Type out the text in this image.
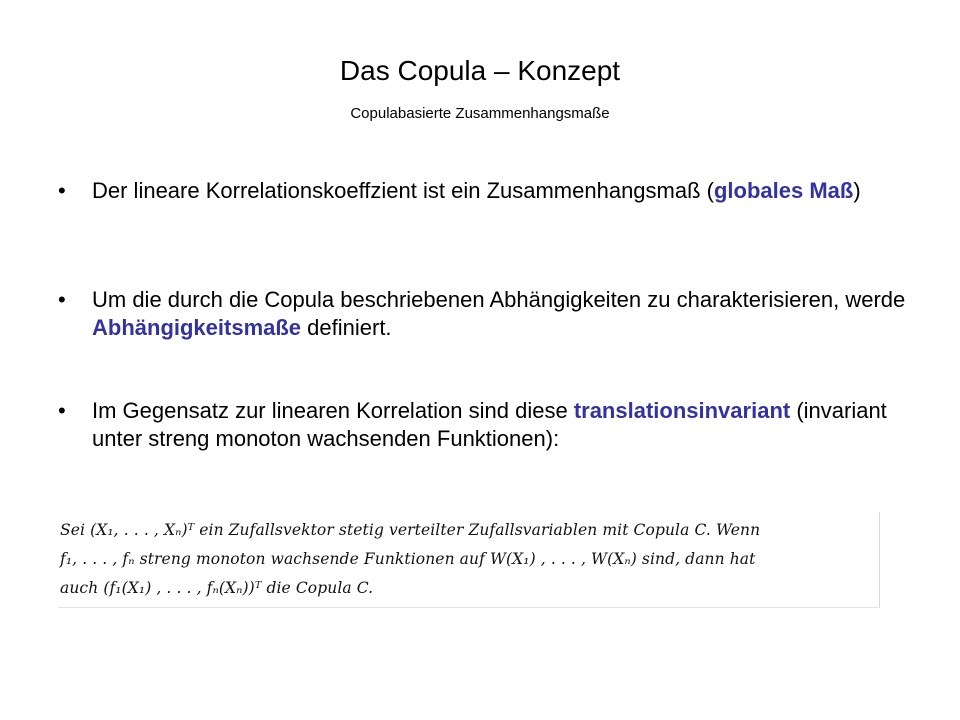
Das Copula – Konzept
Copulabasierte Zusammenhangsmaße
• Der lineare Korrelationskoeffzient ist ein Zusammenhangsmaß (globales Maß)
• Um die durch die Copula beschriebenen Abhängigkeiten zu charakterisieren, werde Abhängigkeitsmaße definiert.
• Im Gegensatz zur linearen Korrelation sind diese translationsinvariant (invariant unter streng monoton wachsenden Funktionen):
Sei (X₁, . . . , Xₙ)ᵀ ein Zufallsvektor stetig verteilter Zufallsvariablen mit Copula C. Wenn
f₁, . . . , fₙ streng monoton wachsende Funktionen auf W(X₁) , . . . , W(Xₙ) sind, dann hat
auch (f₁(X₁) , . . . , fₙ(Xₙ))ᵀ die Copula C.
